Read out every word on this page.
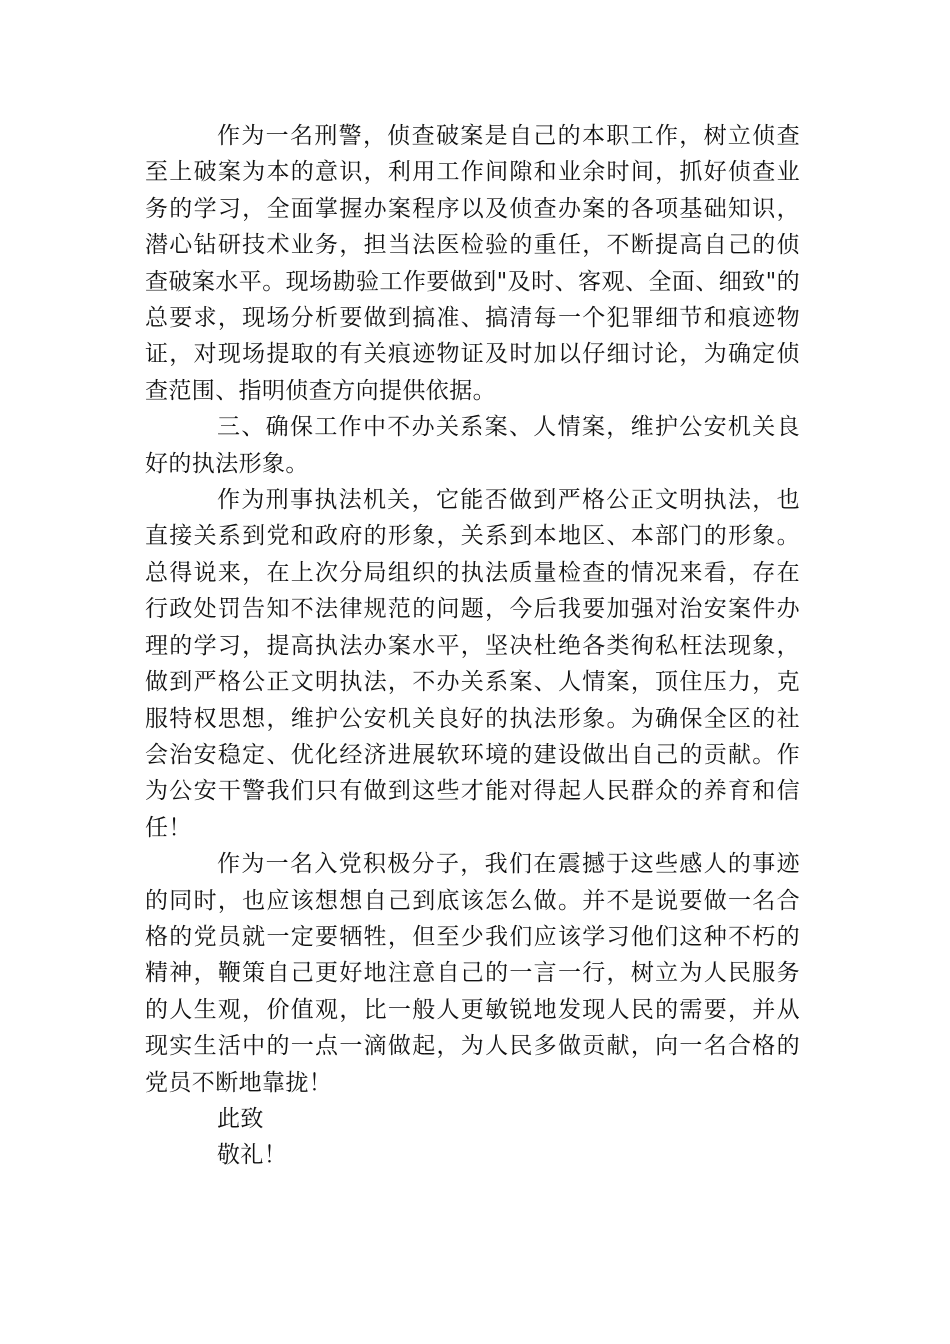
作为一名刑警，侦查破案是自己的本职工作，树立侦查至上破案为本的意识，利用工作间隙和业余时间，抓好侦查业务的学习，全面掌握办案程序以及侦查办案的各项基础知识，潜心钻研技术业务，担当法医检验的重任，不断提高自己的侦查破案水平。现场勘验工作要做到"及时、客观、全面、细致"的总要求，现场分析要做到搞准、搞清每一个犯罪细节和痕迹物证，对现场提取的有关痕迹物证及时加以仔细讨论，为确定侦查范围、指明侦查方向提供依据。

三、确保工作中不办关系案、人情案，维护公安机关良好的执法形象。

作为刑事执法机关，它能否做到严格公正文明执法，也直接关系到党和政府的形象，关系到本地区、本部门的形象。总得说来，在上次分局组织的执法质量检查的情况来看，存在行政处罚告知不法律规范的问题，今后我要加强对治安案件办理的学习，提高执法办案水平，坚决杜绝各类徇私枉法现象，做到严格公正文明执法，不办关系案、人情案，顶住压力，克服特权思想，维护公安机关良好的执法形象。为确保全区的社会治安稳定、优化经济进展软环境的建设做出自己的贡献。作为公安干警我们只有做到这些才能对得起人民群众的养育和信任！

作为一名入党积极分子，我们在震撼于这些感人的事迹的同时，也应该想想自己到底该怎么做。并不是说要做一名合格的党员就一定要牺牲，但至少我们应该学习他们这种不朽的精神，鞭策自己更好地注意自己的一言一行，树立为人民服务的人生观，价值观，比一般人更敏锐地发现人民的需要，并从现实生活中的一点一滴做起，为人民多做贡献，向一名合格的党员不断地靠拢！

此致

敬礼！
